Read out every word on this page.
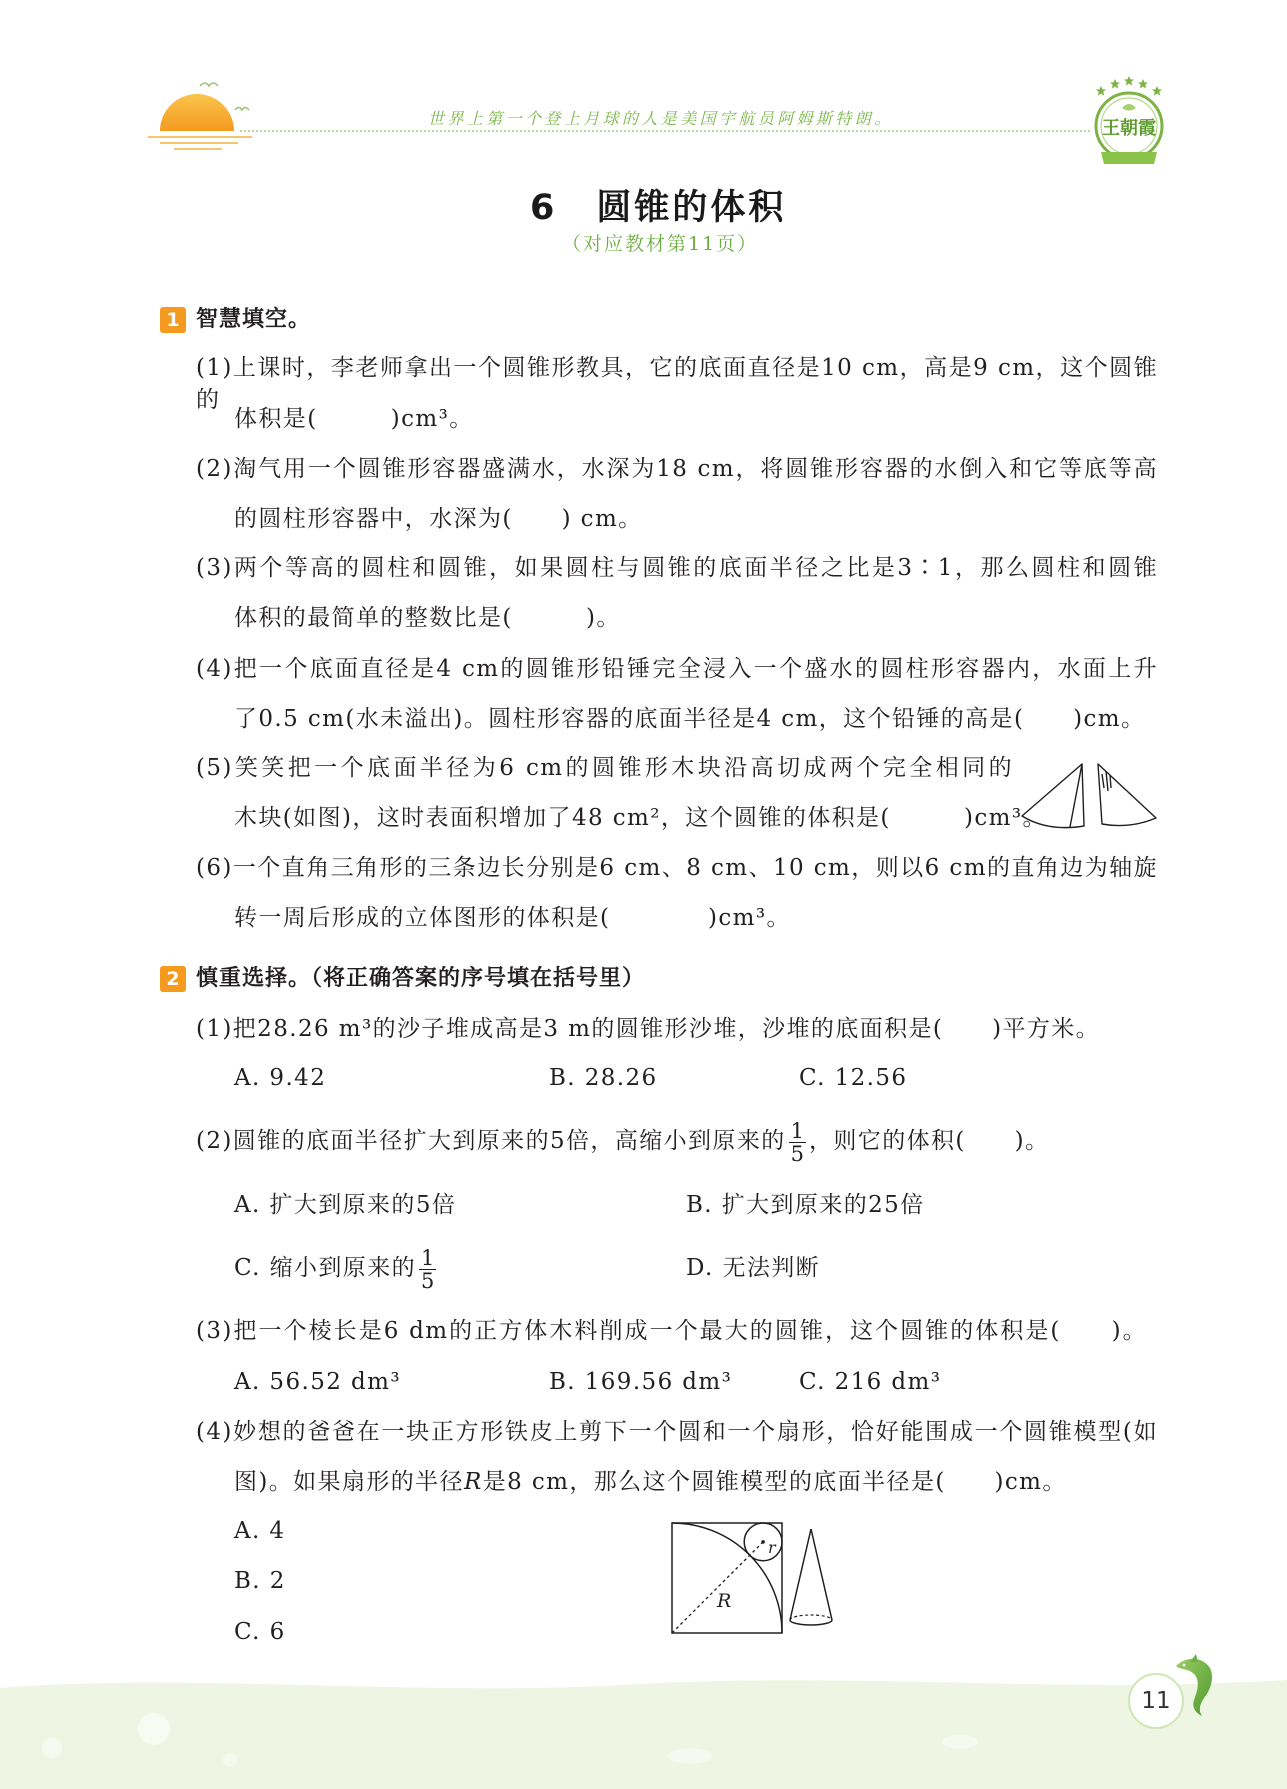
世界上第一个登上月球的人是美国宇航员阿姆斯特朗。	王朝霞
6 圆锥的体积
（对应教材第11页）
1 智慧填空。
(1)上课时，李老师拿出一个圆锥形教具，它的底面直径是10 cm，高是9 cm，这个圆锥的
体积是(　　　)cm³。
(2)淘气用一个圆锥形容器盛满水，水深为18 cm，将圆锥形容器的水倒入和它等底等高
的圆柱形容器中，水深为(　　) cm。
(3)两个等高的圆柱和圆锥，如果圆柱与圆锥的底面半径之比是3∶1，那么圆柱和圆锥
体积的最简单的整数比是(　　　)。
(4)把一个底面直径是4 cm的圆锥形铅锤完全浸入一个盛水的圆柱形容器内，水面上升
了0.5 cm(水未溢出)。圆柱形容器的底面半径是4 cm，这个铅锤的高是(　　)cm。
(5)笑笑把一个底面半径为6 cm的圆锥形木块沿高切成两个完全相同的
木块(如图)，这时表面积增加了48 cm²，这个圆锥的体积是(　　　)cm³。
(6)一个直角三角形的三条边长分别是6 cm、8 cm、10 cm，则以6 cm的直角边为轴旋
转一周后形成的立体图形的体积是(　　　　)cm³。
2 慎重选择。（将正确答案的序号填在括号里）
(1)把28.26 m³的沙子堆成高是3 m的圆锥形沙堆，沙堆的底面积是(　　)平方米。
A. 9.42	B. 28.26	C. 12.56
(2)圆锥的底面半径扩大到原来的5倍，高缩小到原来的 $\frac{1}{5}$ ，则它的体积(　　)。
A. 扩大到原来的5倍	B. 扩大到原来的25倍
C. 缩小到原来的 $\frac{1}{5}$	D. 无法判断
(3)把一个棱长是6 dm的正方体木料削成一个最大的圆锥，这个圆锥的体积是(　　)。
A. 56.52 dm³	B. 169.56 dm³	C. 216 dm³
(4)妙想的爸爸在一块正方形铁皮上剪下一个圆和一个扇形，恰好能围成一个圆锥模型(如
图)。如果扇形的半径R是8 cm，那么这个圆锥模型的底面半径是(　　)cm。
A. 4
B. 2
C. 6
r
R
11
